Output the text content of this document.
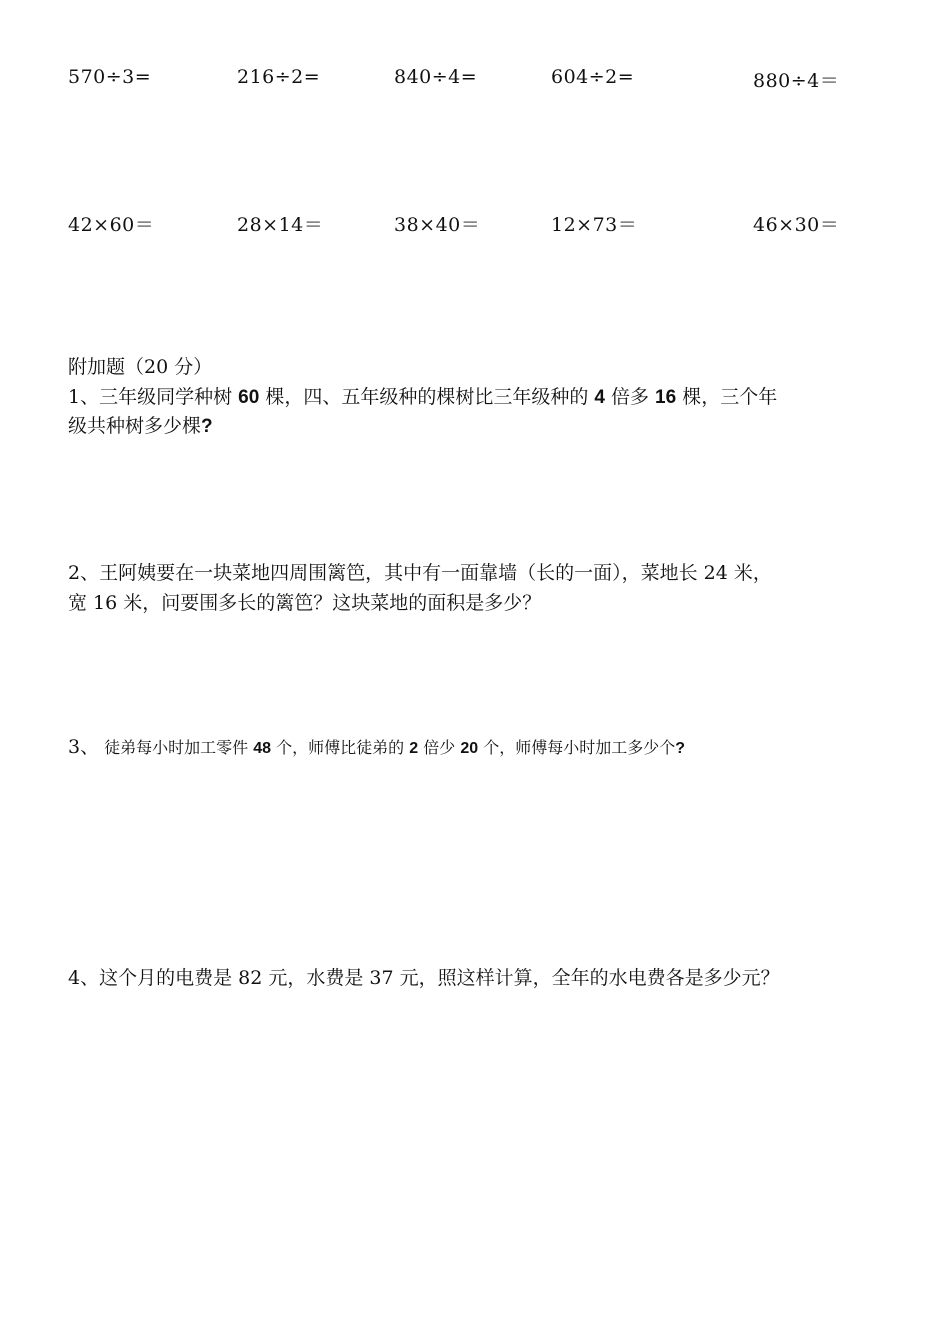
570÷3=	216÷2=	840÷4=	604÷2=	880÷4＝
42×60＝	28×14＝	38×40＝	12×73＝	46×30＝
附加题（20 分）
1、三年级同学种树 60 棵，四、五年级种的棵树比三年级种的 4 倍多 16 棵，三个年
级共种树多少棵?
2、王阿姨要在一块菜地四周围篱笆，其中有一面靠墙（长的一面），菜地长 24 米，
宽 16 米，问要围多长的篱笆？这块菜地的面积是多少？
3、 徒弟每小时加工零件 48 个，师傅比徒弟的 2 倍少 20 个，师傅每小时加工多少个?
4、这个月的电费是 82 元，水费是 37 元，照这样计算，全年的水电费各是多少元？
